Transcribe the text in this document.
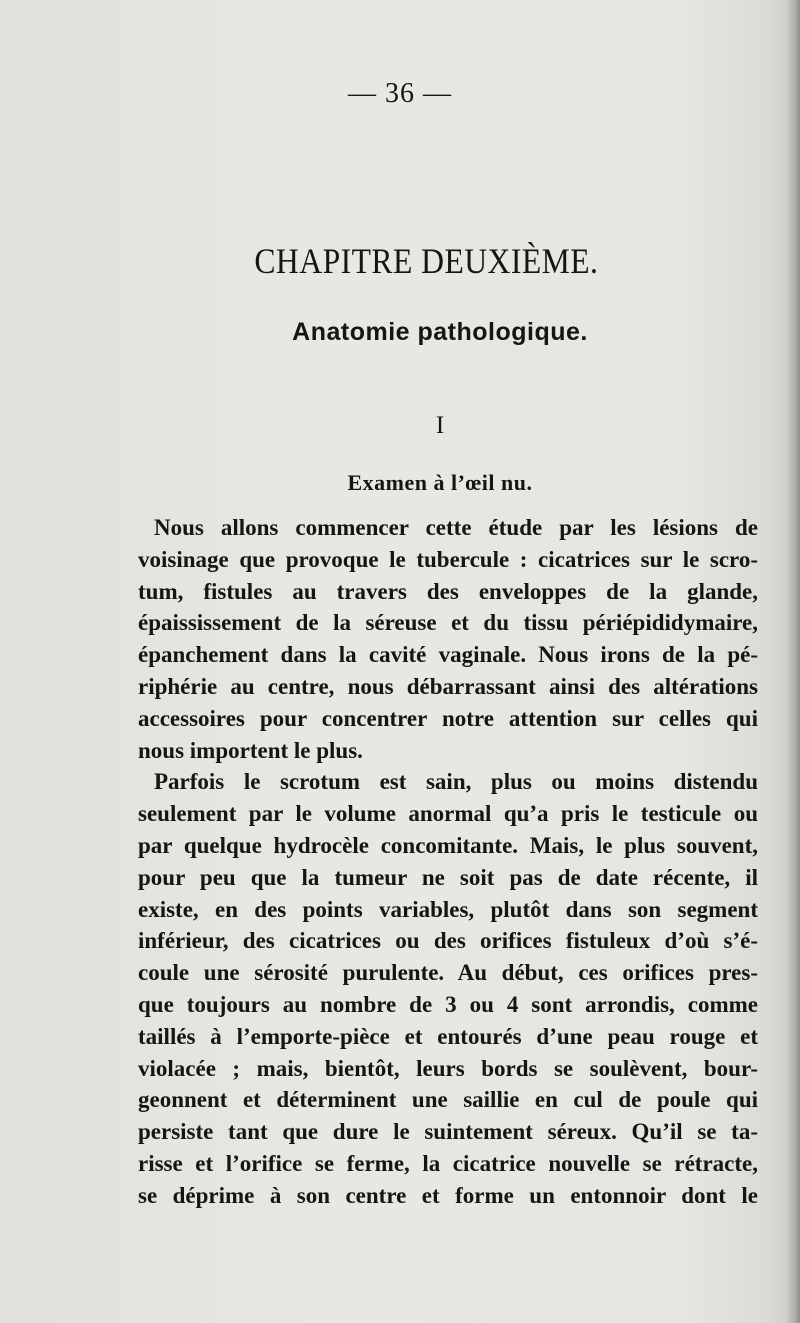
— 36 —
CHAPITRE DEUXIÈME.
Anatomie pathologique.
I
Examen à l’œil nu.
Nous allons commencer cette étude par les lésions de
voisinage que provoque le tubercule : cicatrices sur le scro-
tum, fistules au travers des enveloppes de la glande,
épaississement de la séreuse et du tissu périépididymaire,
épanchement dans la cavité vaginale. Nous irons de la pé-
riphérie au centre, nous débarrassant ainsi des altérations
accessoires pour concentrer notre attention sur celles qui
nous importent le plus.
Parfois le scrotum est sain, plus ou moins distendu
seulement par le volume anormal qu’a pris le testicule ou
par quelque hydrocèle concomitante. Mais, le plus souvent,
pour peu que la tumeur ne soit pas de date récente, il
existe, en des points variables, plutôt dans son segment
inférieur, des cicatrices ou des orifices fistuleux d’où s’é-
coule une sérosité purulente. Au début, ces orifices pres-
que toujours au nombre de 3 ou 4 sont arrondis, comme
taillés à l’emporte-pièce et entourés d’une peau rouge et
violacée ; mais, bientôt, leurs bords se soulèvent, bour-
geonnent et déterminent une saillie en cul de poule qui
persiste tant que dure le suintement séreux. Qu’il se ta-
risse et l’orifice se ferme, la cicatrice nouvelle se rétracte,
se déprime à son centre et forme un entonnoir dont le
